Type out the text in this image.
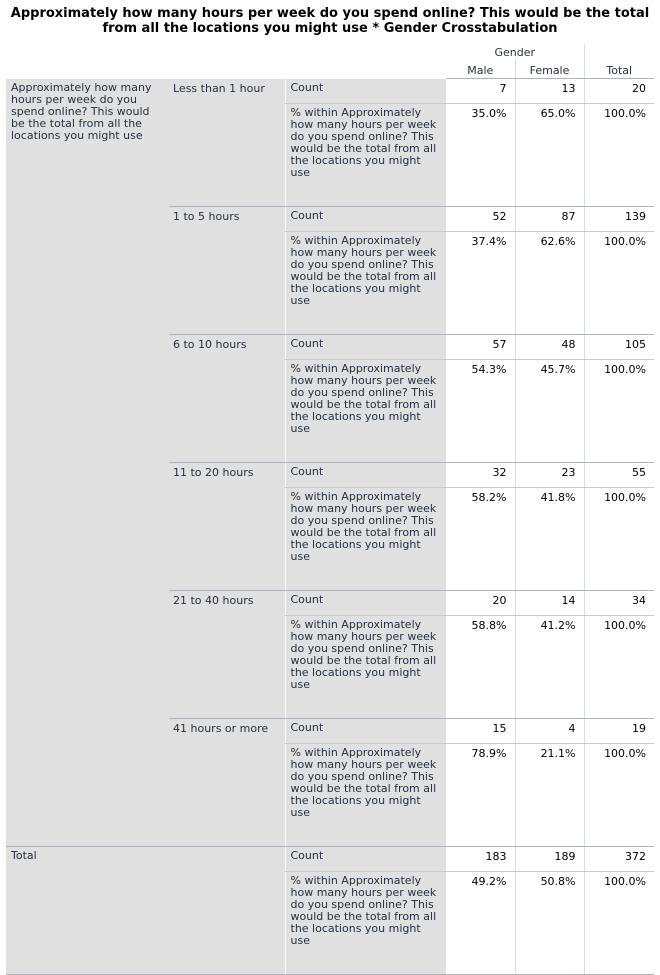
Approximately how many hours per week do you spend online? This would be the total
from all the locations you might use * Gender Crosstabulation
			Gender		
			Male	Female	Total
Approximately how many hours per week do you spend online? This would be the total from all the locations you might use	Less than 1 hour	Count	7	13	20
		% within Approximately how many hours per week do you spend online? This would be the total from all the locations you might use	35.0%	65.0%	100.0%
	1 to 5 hours	Count	52	87	139
		% within Approximately how many hours per week do you spend online? This would be the total from all the locations you might use	37.4%	62.6%	100.0%
	6 to 10 hours	Count	57	48	105
		% within Approximately how many hours per week do you spend online? This would be the total from all the locations you might use	54.3%	45.7%	100.0%
	11 to 20 hours	Count	32	23	55
		% within Approximately how many hours per week do you spend online? This would be the total from all the locations you might use	58.2%	41.8%	100.0%
	21 to 40 hours	Count	20	14	34
		% within Approximately how many hours per week do you spend online? This would be the total from all the locations you might use	58.8%	41.2%	100.0%
	41 hours or more	Count	15	4	19
		% within Approximately how many hours per week do you spend online? This would be the total from all the locations you might use	78.9%	21.1%	100.0%
Total		Count	183	189	372
		% within Approximately how many hours per week do you spend online? This would be the total from all the locations you might use	49.2%	50.8%	100.0%
